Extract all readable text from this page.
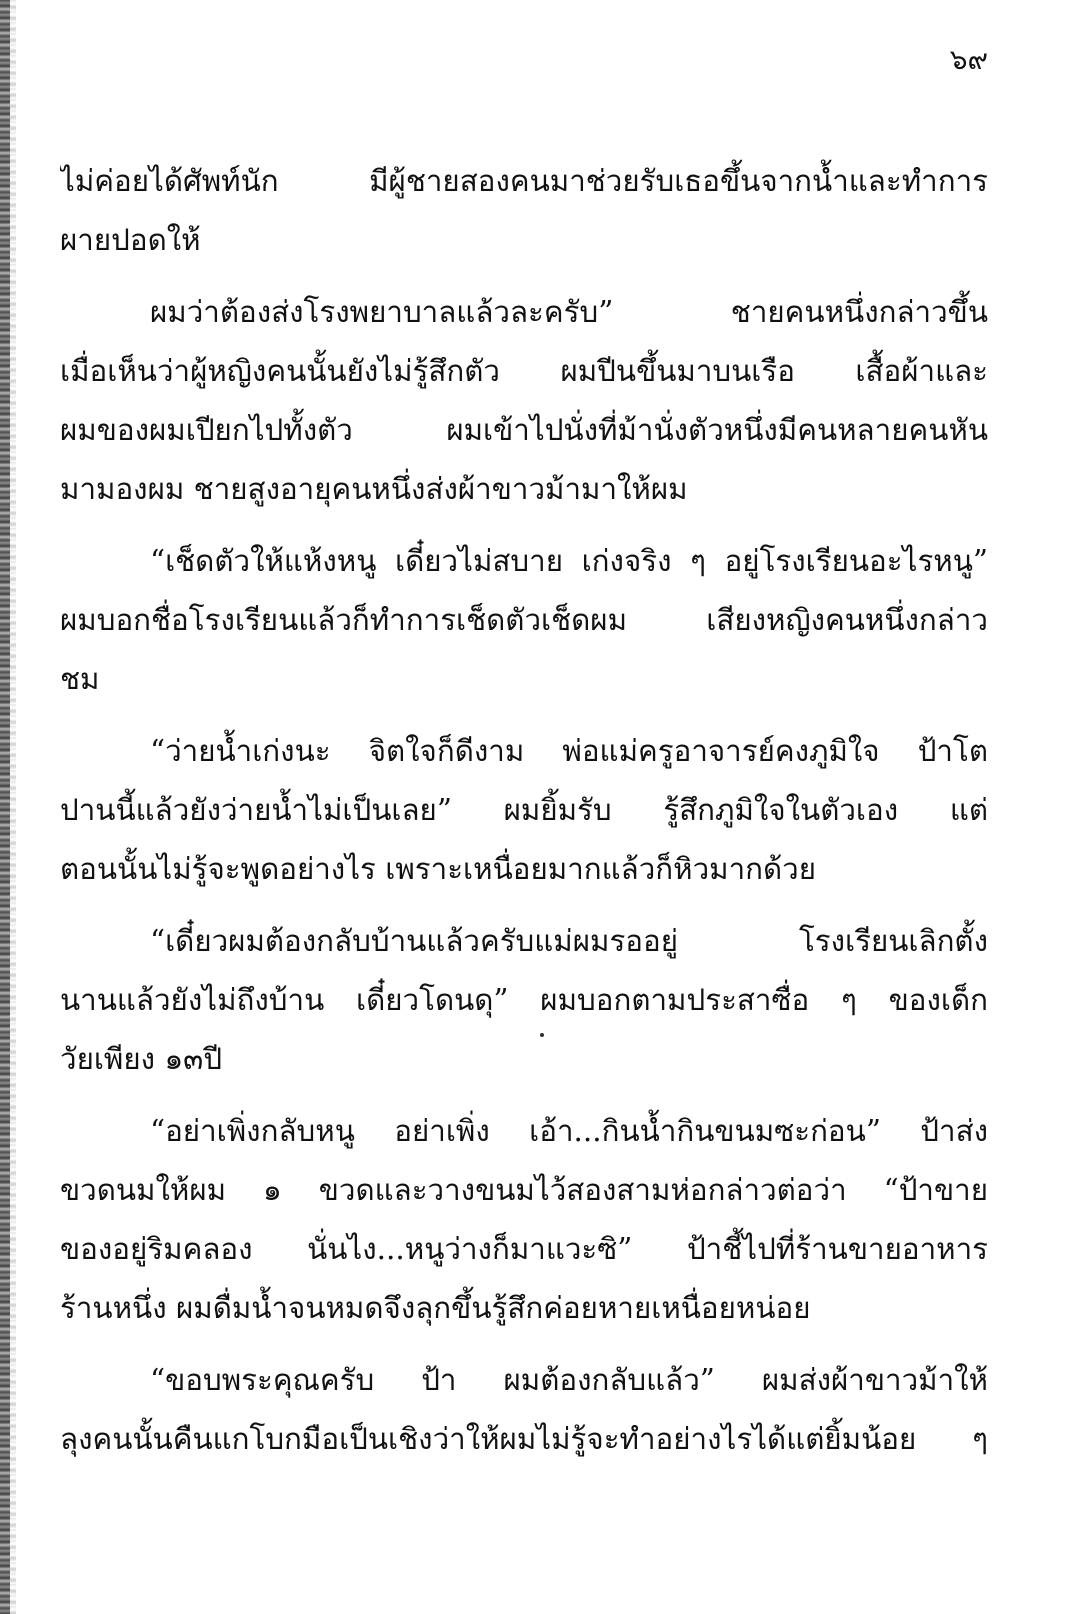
๖๙
ไม่ค่อยได้ศัพท์นัก มีผู้ชายสองคนมาช่วยรับเธอขึ้นจากน้ำและทำการ
ผายปอดให้
ผมว่าต้องส่งโรงพยาบาลแล้วละครับ” ชายคนหนึ่งกล่าวขึ้น
เมื่อเห็นว่าผู้หญิงคนนั้นยังไม่รู้สึกตัว ผมปีนขึ้นมาบนเรือ เสื้อผ้าและ
ผมของผมเปียกไปทั้งตัว ผมเข้าไปนั่งที่ม้านั่งตัวหนึ่งมีคนหลายคนหัน
มามองผม ชายสูงอายุคนหนึ่งส่งผ้าขาวม้ามาให้ผม
“เช็ดตัวให้แห้งหนู เดี๋ยวไม่สบาย เก่งจริง ๆ อยู่โรงเรียนอะไรหนู”
ผมบอกชื่อโรงเรียนแล้วก็ทำการเช็ดตัวเช็ดผม เสียงหญิงคนหนึ่งกล่าว
ชม
“ว่ายน้ำเก่งนะ จิตใจก็ดีงาม พ่อแม่ครูอาจารย์คงภูมิใจ ป้าโต
ปานนี้แล้วยังว่ายน้ำไม่เป็นเลย” ผมยิ้มรับ รู้สึกภูมิใจในตัวเอง แต่
ตอนนั้นไม่รู้จะพูดอย่างไร เพราะเหนื่อยมากแล้วก็หิวมากด้วย
“เดี๋ยวผมต้องกลับบ้านแล้วครับแม่ผมรออยู่ โรงเรียนเลิกตั้ง
นานแล้วยังไม่ถึงบ้าน เดี๋ยวโดนดุ” ผมบอกตามประสาซื่อ ๆ ของเด็ก
วัยเพียง ๑๓ปี
“อย่าเพิ่งกลับหนู อย่าเพิ่ง เอ้า...กินน้ำกินขนมซะก่อน” ป้าส่ง
ขวดนมให้ผม ๑ ขวดและวางขนมไว้สองสามห่อกล่าวต่อว่า “ป้าขาย
ของอยู่ริมคลอง นั่นไง...หนูว่างก็มาแวะซิ” ป้าชี้ไปที่ร้านขายอาหาร
ร้านหนึ่ง ผมดื่มน้ำจนหมดจึงลุกขึ้นรู้สึกค่อยหายเหนื่อยหน่อย
“ขอบพระคุณครับ ป้า ผมต้องกลับแล้ว” ผมส่งผ้าขาวม้าให้
ลุงคนนั้นคืนแกโบกมือเป็นเชิงว่าให้ผมไม่รู้จะทำอย่างไรได้แต่ยิ้มน้อย ๆ
